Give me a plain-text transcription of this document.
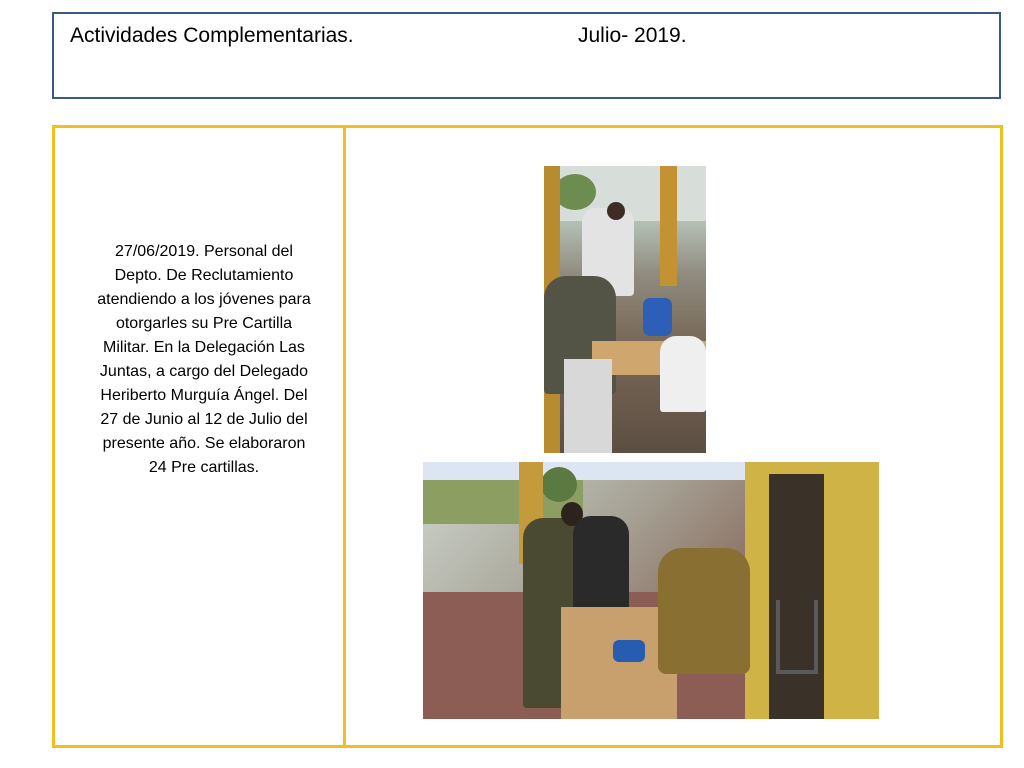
Actividades Complementarias.	Julio- 2019.
27/06/2019. Personal del Depto. De Reclutamiento atendiendo a los jóvenes para otorgarles su Pre Cartilla Militar. En la Delegación Las Juntas, a cargo del Delegado Heriberto Murguía Ángel. Del 27 de Junio al 12 de Julio del presente año. Se elaboraron 24 Pre cartillas.
